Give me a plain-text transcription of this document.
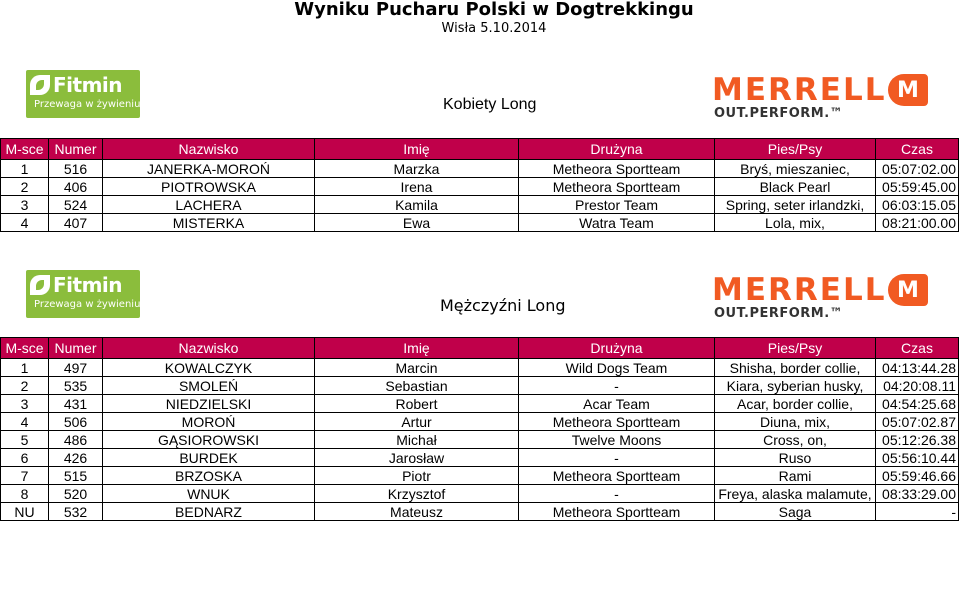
Wyniku Pucharu Polski w Dogtrekkingu
Wisła 5.10.2014
Fitmin
Przewaga w żywieniu	Kobiety Long	MERRELL M
OUT.PERFORM.™
M-sce	Numer	Nazwisko	Imię	Drużyna	Pies/Psy	Czas
1	516	JANERKA-MOROŃ	Marzka	Metheora Sportteam	Bryś, mieszaniec,	05:07:02.00
2	406	PIOTROWSKA	Irena	Metheora Sportteam	Black Pearl	05:59:45.00
3	524	LACHERA	Kamila	Prestor Team	Spring, seter irlandzki,	06:03:15.05
4	407	MISTERKA	Ewa	Watra Team	Lola, mix,	08:21:00.00
Fitmin
Przewaga w żywieniu	Mężczyźni Long	MERRELL M
OUT.PERFORM.™
M-sce	Numer	Nazwisko	Imię	Drużyna	Pies/Psy	Czas
1	497	KOWALCZYK	Marcin	Wild Dogs Team	Shisha, border collie,	04:13:44.28
2	535	SMOLEŃ	Sebastian	-	Kiara, syberian husky,	04:20:08.11
3	431	NIEDZIELSKI	Robert	Acar Team	Acar, border collie,	04:54:25.68
4	506	MOROŃ	Artur	Metheora Sportteam	Diuna, mix,	05:07:02.87
5	486	GĄSIOROWSKI	Michał	Twelve Moons	Cross, on,	05:12:26.38
6	426	BURDEK	Jarosław	-	Ruso	05:56:10.44
7	515	BRZOSKA	Piotr	Metheora Sportteam	Rami	05:59:46.66
8	520	WNUK	Krzysztof	-	Freya, alaska malamute,	08:33:29.00
NU	532	BEDNARZ	Mateusz	Metheora Sportteam	Saga	-
